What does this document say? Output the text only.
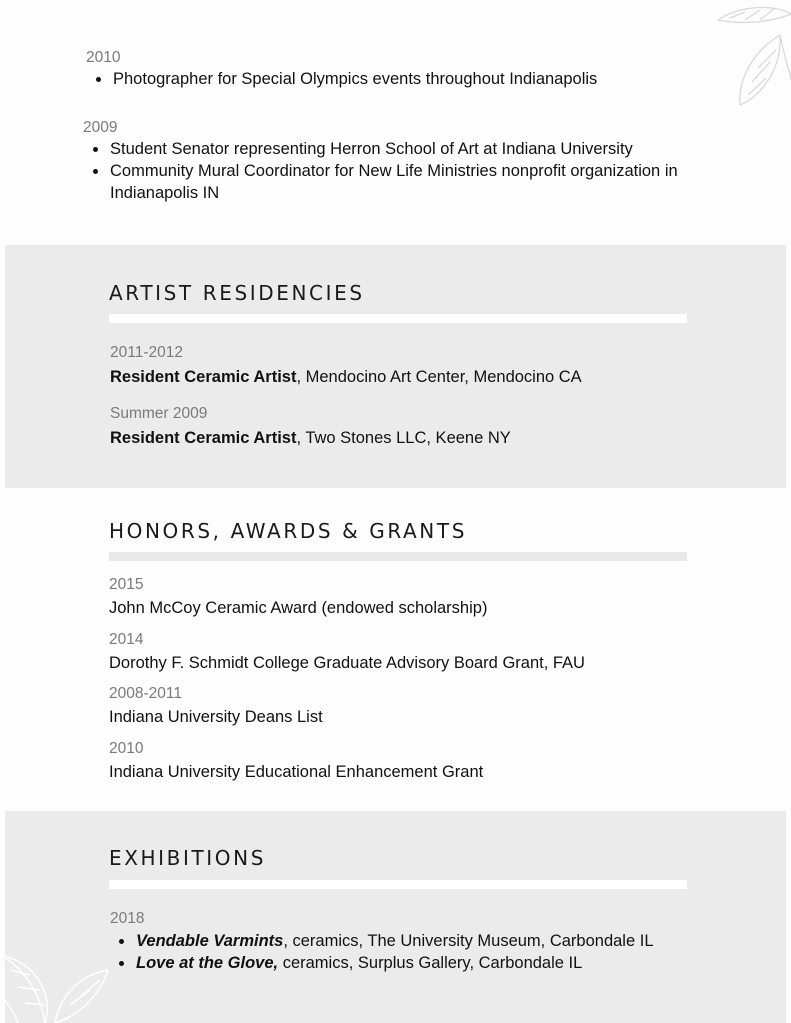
2010
Photographer for Special Olympics events throughout Indianapolis
2009
Student Senator representing Herron School of Art at Indiana University
Community Mural Coordinator for New Life Ministries nonprofit organization in
Indianapolis IN
ARTIST RESIDENCIES
2011-2012
Resident Ceramic Artist, Mendocino Art Center, Mendocino CA
Summer 2009
Resident Ceramic Artist, Two Stones LLC, Keene NY
HONORS, AWARDS & GRANTS
2015
John McCoy Ceramic Award (endowed scholarship)
2014
Dorothy F. Schmidt College Graduate Advisory Board Grant, FAU
2008-2011
Indiana University Deans List
2010
Indiana University Educational Enhancement Grant
EXHIBITIONS
2018
Vendable Varmints, ceramics, The University Museum, Carbondale IL
Love at the Glove, ceramics, Surplus Gallery, Carbondale IL
